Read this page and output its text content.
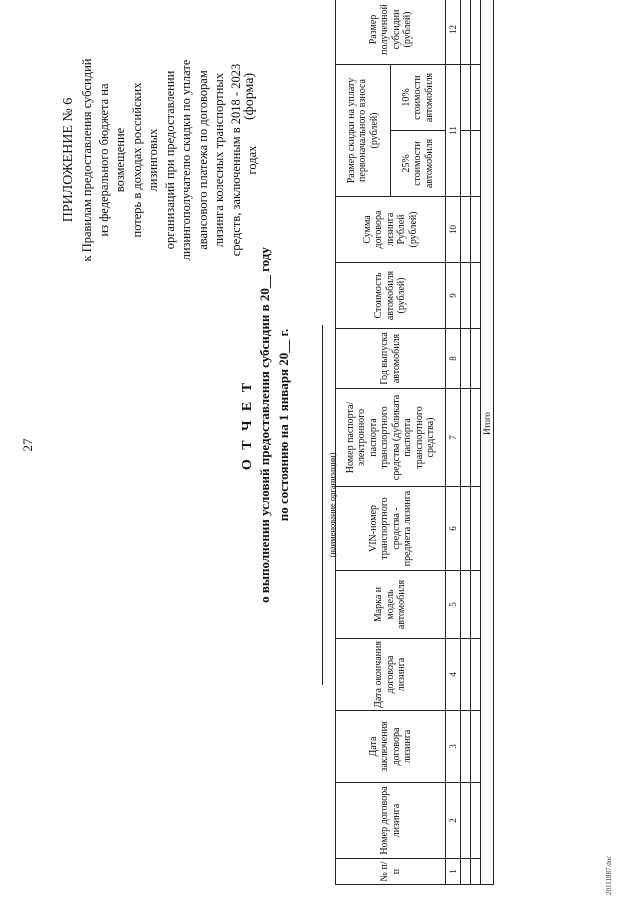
27
ПРИЛОЖЕНИЕ № 6 к Правилам предоставления субсидий из федерального бюджета на возмещение потерь в доходах российских лизинговых организаций при предоставлении лизингополучателю скидки по уплате авансового платежа по договорам лизинга колесных транспортных средств, заключенным в 2018 - 2023 годах
(форма)
О Т Ч Е Т о выполнении условий предоставления субсидии в 20__ году по состоянию на 1 января 20__ г.	(наименование организации)
№ п/п	Номер договора лизинга	Дата заключения договора лизинга	Дата окончания договора лизинга	Марка и модель автомобиля	VIN-номер транспортного средства - предмета лизинга	Номер паспорта/ электронного паспорта транспортного средства (дубликата паспорта транспортного средства)	Год выпуска автомобиля	Стоимость автомобиля (рублей)	Сумма договора лизинга Рублей (рублей)	Размер скидки на уплату первоначального взноса (рублей)		Размер полученной субсидии (рублей)	
										25% стоимости автомобиля	10% стоимости автомобиля		
1	2	3	4	5	6	7	8	9	10	11		12	

Итого													
20111887.doc
